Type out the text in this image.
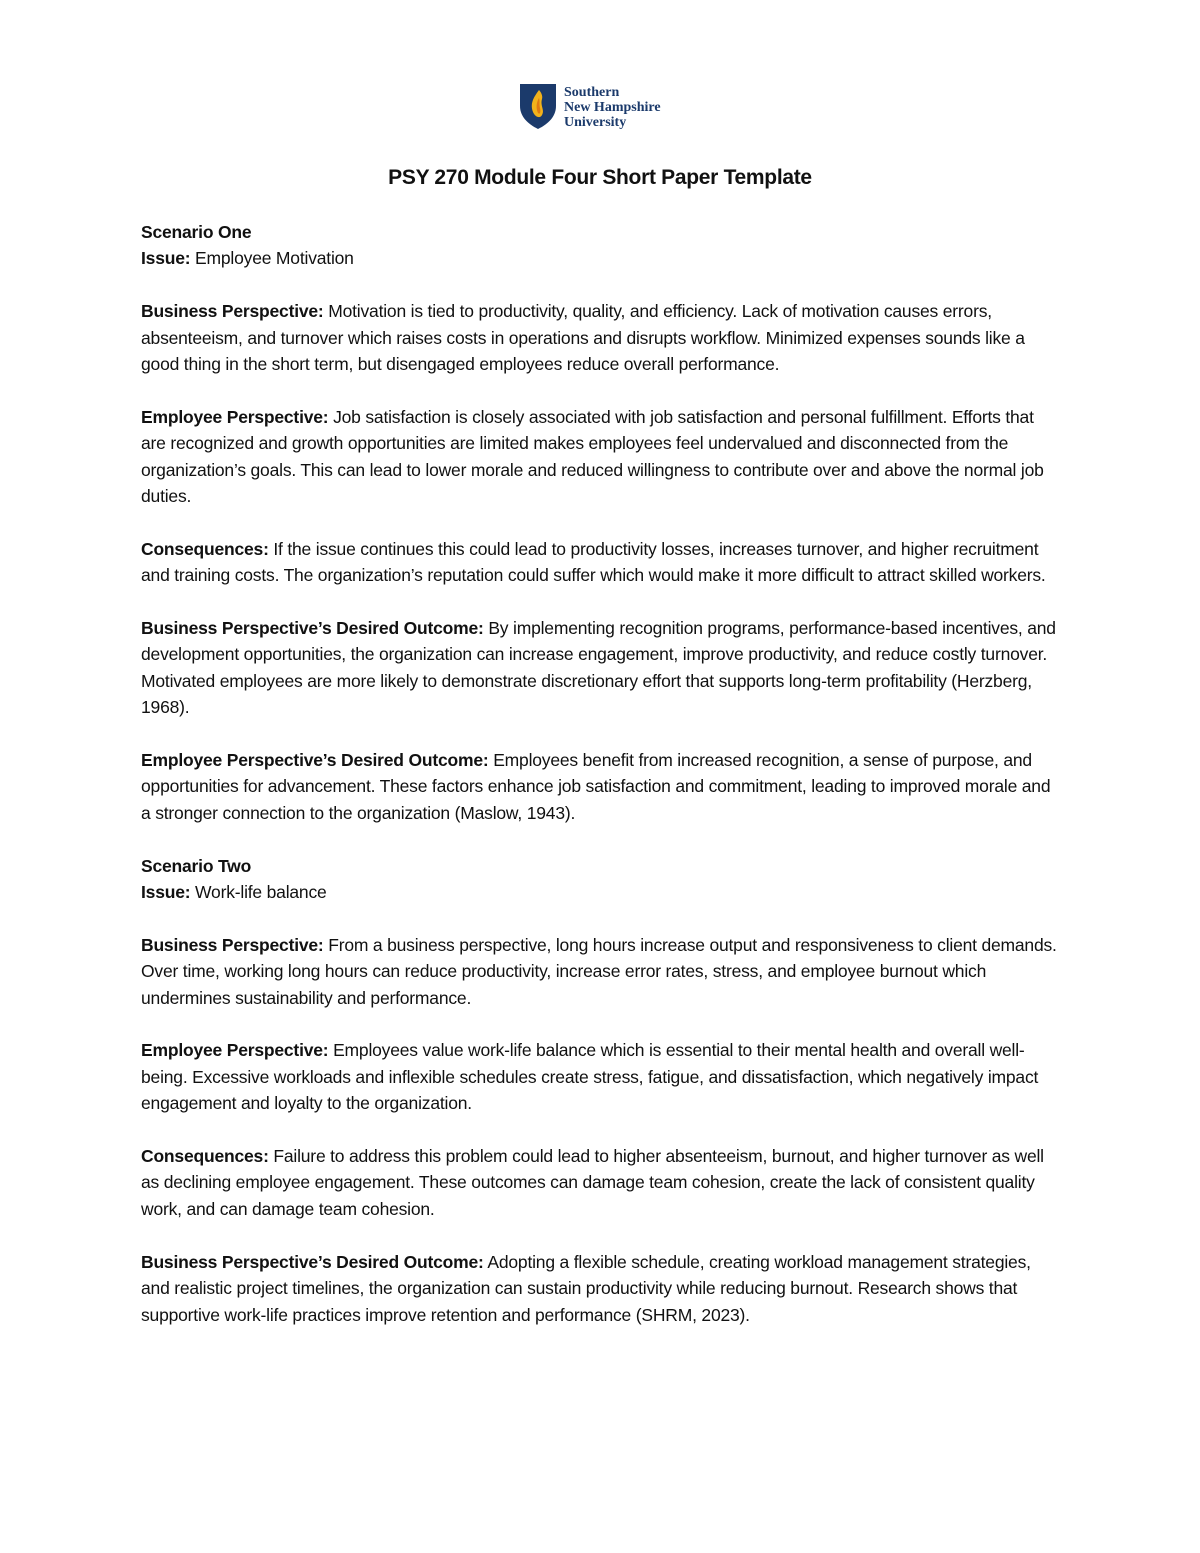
Southern
New Hampshire
University
PSY 270 Module Four Short Paper Template

Scenario One

Issue: Employee Motivation

Business Perspective: Motivation is tied to productivity, quality, and efficiency. Lack of motivation causes errors, absenteeism, and turnover which raises costs in operations and disrupts workflow. Minimized expenses sounds like a good thing in the short term, but disengaged employees reduce overall performance.

Employee Perspective: Job satisfaction is closely associated with job satisfaction and personal fulfillment. Efforts that are recognized and growth opportunities are limited makes employees feel undervalued and disconnected from the organization’s goals. This can lead to lower morale and reduced willingness to contribute over and above the normal job duties.

Consequences: If the issue continues this could lead to productivity losses, increases turnover, and higher recruitment and training costs. The organization’s reputation could suffer which would make it more difficult to attract skilled workers.

Business Perspective’s Desired Outcome: By implementing recognition programs, performance-based incentives, and development opportunities, the organization can increase engagement, improve productivity, and reduce costly turnover. Motivated employees are more likely to demonstrate discretionary effort that supports long-term profitability (Herzberg, 1968).

Employee Perspective’s Desired Outcome: Employees benefit from increased recognition, a sense of purpose, and opportunities for advancement. These factors enhance job satisfaction and commitment, leading to improved morale and a stronger connection to the organization (Maslow, 1943).

Scenario Two

Issue: Work-life balance

Business Perspective: From a business perspective, long hours increase output and responsiveness to client demands. Over time, working long hours can reduce productivity, increase error rates, stress, and employee burnout which undermines sustainability and performance.

Employee Perspective: Employees value work-life balance which is essential to their mental health and overall well-being. Excessive workloads and inflexible schedules create stress, fatigue, and dissatisfaction, which negatively impact engagement and loyalty to the organization.

Consequences: Failure to address this problem could lead to higher absenteeism, burnout, and higher turnover as well as declining employee engagement. These outcomes can damage team cohesion, create the lack of consistent quality work, and can damage team cohesion.

Business Perspective’s Desired Outcome: Adopting a flexible schedule, creating workload management strategies, and realistic project timelines, the organization can sustain productivity while reducing burnout. Research shows that supportive work-life practices improve retention and performance (SHRM, 2023).
